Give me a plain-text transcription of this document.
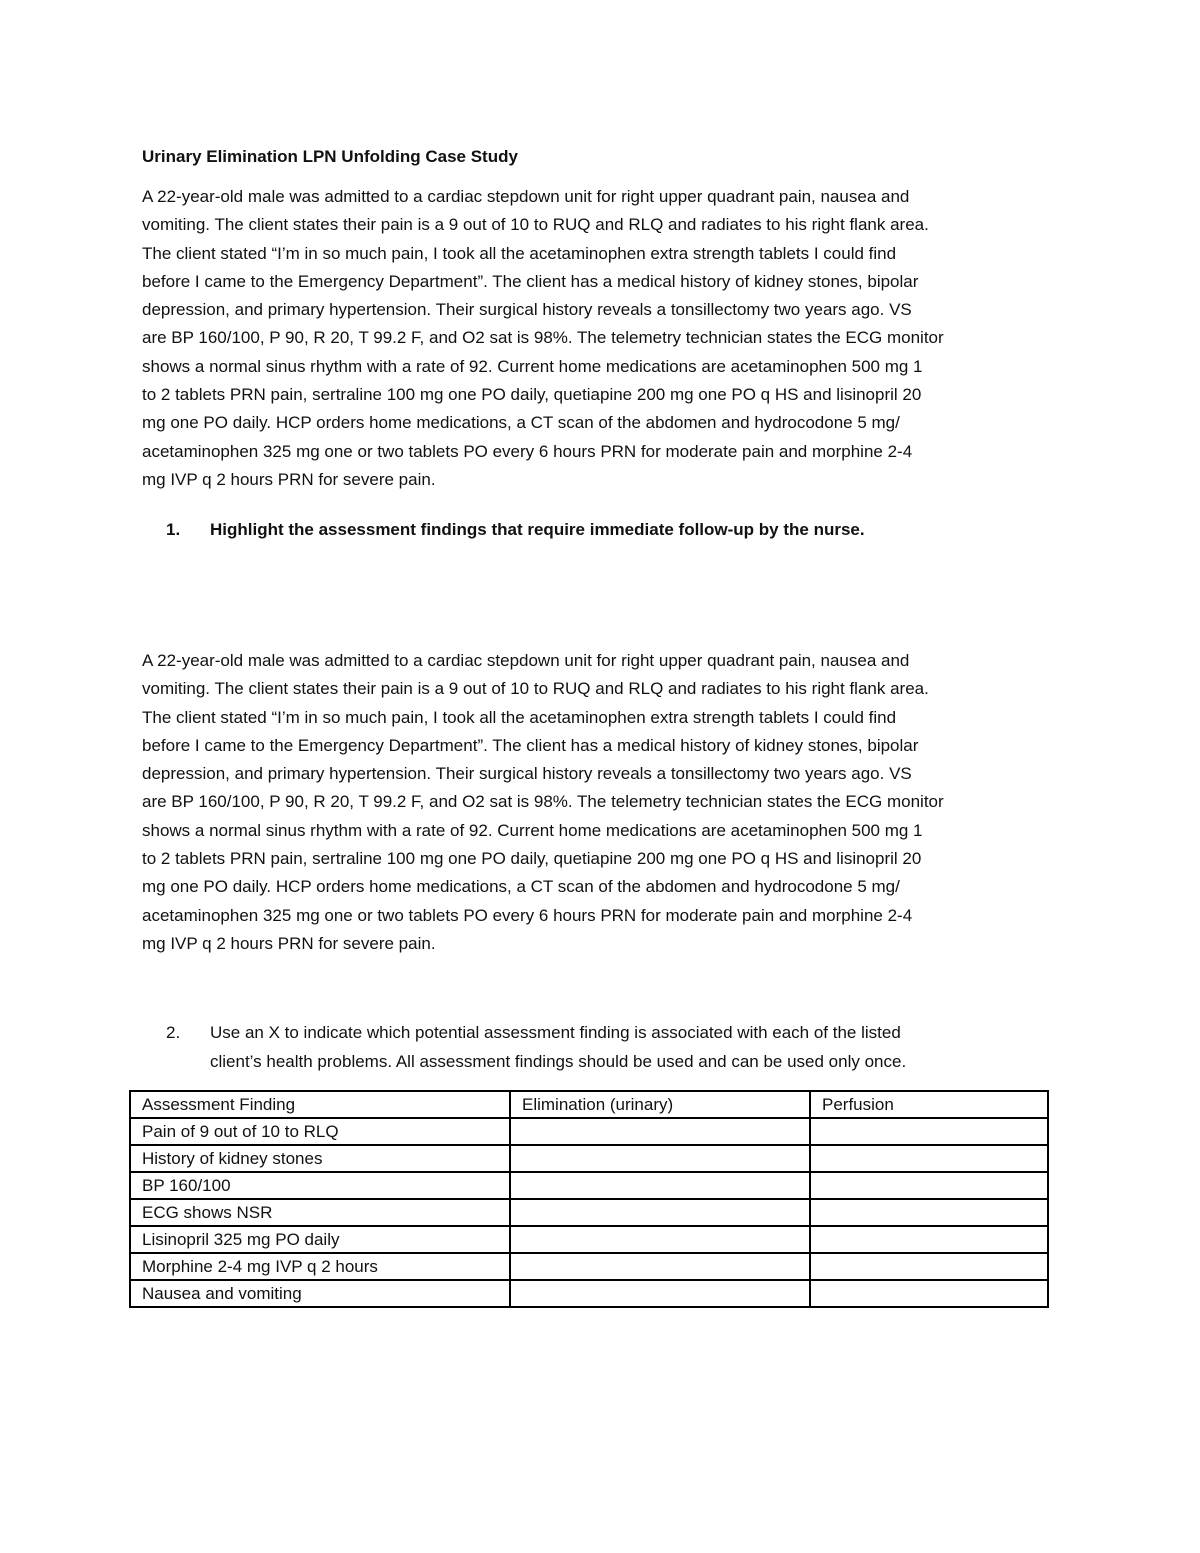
Urinary Elimination LPN Unfolding Case Study
A 22-year-old male was admitted to a cardiac stepdown unit for right upper quadrant pain, nausea and
vomiting. The client states their pain is a 9 out of 10 to RUQ and RLQ and radiates to his right flank area.
The client stated “I’m in so much pain, I took all the acetaminophen extra strength tablets I could find
before I came to the Emergency Department”. The client has a medical history of kidney stones, bipolar
depression, and primary hypertension. Their surgical history reveals a tonsillectomy two years ago. VS
are BP 160/100, P 90, R 20, T 99.2 F, and O2 sat is 98%. The telemetry technician states the ECG monitor
shows a normal sinus rhythm with a rate of 92. Current home medications are acetaminophen 500 mg 1
to 2 tablets PRN pain, sertraline 100 mg one PO daily, quetiapine 200 mg one PO q HS and lisinopril 20
mg one PO daily. HCP orders home medications, a CT scan of the abdomen and hydrocodone 5 mg/
acetaminophen 325 mg one or two tablets PO every 6 hours PRN for moderate pain and morphine 2-4
mg IVP q 2 hours PRN for severe pain.
1. Highlight the assessment findings that require immediate follow-up by the nurse.
A 22-year-old male was admitted to a cardiac stepdown unit for right upper quadrant pain, nausea and
vomiting. The client states their pain is a 9 out of 10 to RUQ and RLQ and radiates to his right flank area.
The client stated “I’m in so much pain, I took all the acetaminophen extra strength tablets I could find
before I came to the Emergency Department”. The client has a medical history of kidney stones, bipolar
depression, and primary hypertension. Their surgical history reveals a tonsillectomy two years ago. VS
are BP 160/100, P 90, R 20, T 99.2 F, and O2 sat is 98%. The telemetry technician states the ECG monitor
shows a normal sinus rhythm with a rate of 92. Current home medications are acetaminophen 500 mg 1
to 2 tablets PRN pain, sertraline 100 mg one PO daily, quetiapine 200 mg one PO q HS and lisinopril 20
mg one PO daily. HCP orders home medications, a CT scan of the abdomen and hydrocodone 5 mg/
acetaminophen 325 mg one or two tablets PO every 6 hours PRN for moderate pain and morphine 2-4
mg IVP q 2 hours PRN for severe pain.
2. Use an X to indicate which potential assessment finding is associated with each of the listed
client’s health problems. All assessment findings should be used and can be used only once.
Assessment Finding	Elimination (urinary)	Perfusion
Pain of 9 out of 10 to RLQ		
History of kidney stones		
BP 160/100		
ECG shows NSR		
Lisinopril 325 mg PO daily		
Morphine 2-4 mg IVP q 2 hours		
Nausea and vomiting		
